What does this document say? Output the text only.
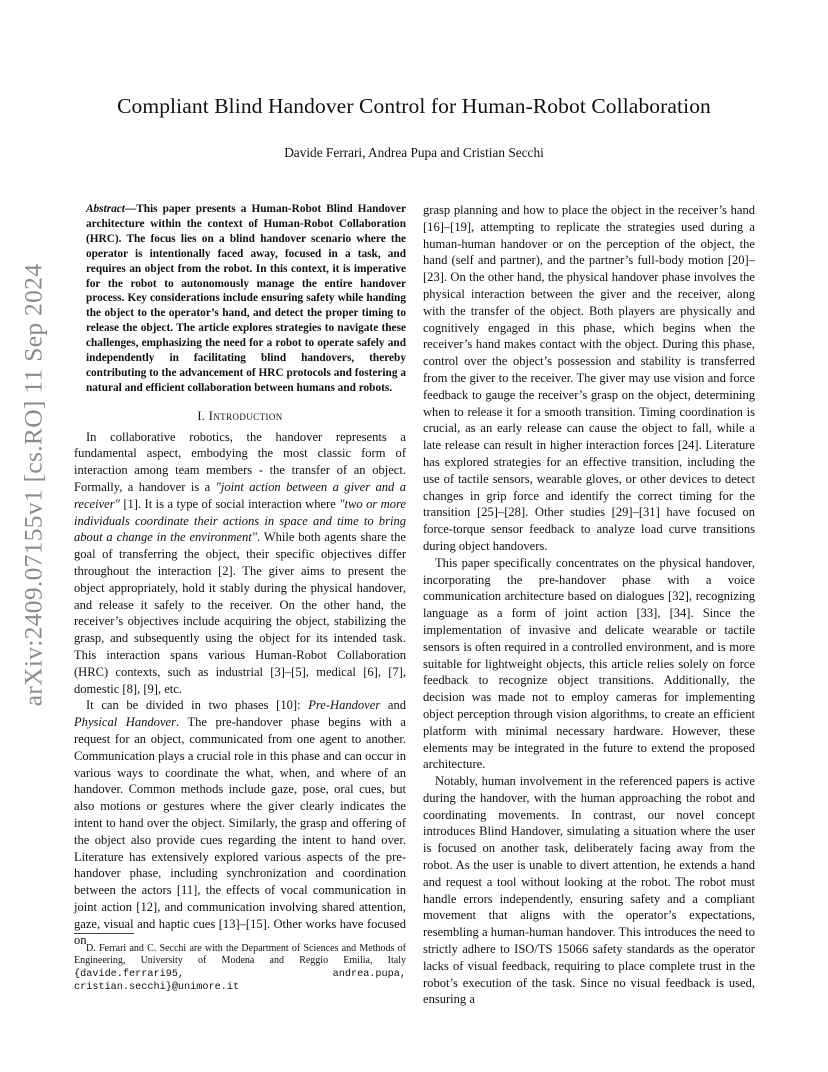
Compliant Blind Handover Control for Human-Robot Collaboration
Davide Ferrari, Andrea Pupa and Cristian Secchi
arXiv:2409.07155v1 [cs.RO] 11 Sep 2024

Abstract—This paper presents a Human-Robot Blind Handover architecture within the context of Human-Robot Collaboration (HRC). The focus lies on a blind handover scenario where the operator is intentionally faced away, focused in a task, and requires an object from the robot. In this context, it is imperative for the robot to autonomously manage the entire handover process. Key considerations include ensuring safety while handing the object to the operator’s hand, and detect the proper timing to release the object. The article explores strategies to navigate these challenges, emphasizing the need for a robot to operate safely and independently in facilitating blind handovers, thereby contributing to the advancement of HRC protocols and fostering a natural and efficient collaboration between humans and robots.

I. Introduction

In collaborative robotics, the handover represents a fundamental aspect, embodying the most classic form of interaction among team members - the transfer of an object. Formally, a handover is a "joint action between a giver and a receiver" [1]. It is a type of social interaction where "two or more individuals coordinate their actions in space and time to bring about a change in the environment". While both agents share the goal of transferring the object, their specific objectives differ throughout the interaction [2]. The giver aims to present the object appropriately, hold it stably during the physical handover, and release it safely to the receiver. On the other hand, the receiver’s objectives include acquiring the object, stabilizing the grasp, and subsequently using the object for its intended task. This interaction spans various Human-Robot Collaboration (HRC) contexts, such as industrial [3]–[5], medical [6], [7], domestic [8], [9], etc.

It can be divided in two phases [10]: Pre-Handover and Physical Handover. The pre-handover phase begins with a request for an object, communicated from one agent to another. Communication plays a crucial role in this phase and can occur in various ways to coordinate the what, when, and where of an handover. Common methods include gaze, pose, oral cues, but also motions or gestures where the giver clearly indicates the intent to hand over the object. Similarly, the grasp and offering of the object also provide cues regarding the intent to hand over. Literature has extensively explored various aspects of the pre-handover phase, including synchronization and coordination between the actors [11], the effects of vocal communication in joint action [12], and communication involving shared attention, gaze, visual and haptic cues [13]–[15]. Other works have focused on

D. Ferrari and C. Secchi are with the Department of Sciences and Methods of Engineering, University of Modena and Reggio Emilia, Italy {davide.ferrari95, andrea.pupa, cristian.secchi}@unimore.it

grasp planning and how to place the object in the receiver’s hand [16]–[19], attempting to replicate the strategies used during a human-human handover or on the perception of the object, the hand (self and partner), and the partner’s full-body motion [20]–[23]. On the other hand, the physical handover phase involves the physical interaction between the giver and the receiver, along with the transfer of the object. Both players are physically and cognitively engaged in this phase, which begins when the receiver’s hand makes contact with the object. During this phase, control over the object’s possession and stability is transferred from the giver to the receiver. The giver may use vision and force feedback to gauge the receiver’s grasp on the object, determining when to release it for a smooth transition. Timing coordination is crucial, as an early release can cause the object to fall, while a late release can result in higher interaction forces [24]. Literature has explored strategies for an effective transition, including the use of tactile sensors, wearable gloves, or other devices to detect changes in grip force and identify the correct timing for the transition [25]–[28]. Other studies [29]–[31] have focused on force-torque sensor feedback to analyze load curve transitions during object handovers.

This paper specifically concentrates on the physical handover, incorporating the pre-handover phase with a voice communication architecture based on dialogues [32], recognizing language as a form of joint action [33], [34]. Since the implementation of invasive and delicate wearable or tactile sensors is often required in a controlled environment, and is more suitable for lightweight objects, this article relies solely on force feedback to recognize object transitions. Additionally, the decision was made not to employ cameras for implementing object perception through vision algorithms, to create an efficient platform with minimal necessary hardware. However, these elements may be integrated in the future to extend the proposed architecture.

Notably, human involvement in the referenced papers is active during the handover, with the human approaching the robot and coordinating movements. In contrast, our novel concept introduces Blind Handover, simulating a situation where the user is focused on another task, deliberately facing away from the robot. As the user is unable to divert attention, he extends a hand and request a tool without looking at the robot. The robot must handle errors independently, ensuring safety and a compliant movement that aligns with the operator’s expectations, resembling a human-human handover. This introduces the need to strictly adhere to ISO/TS 15066 safety standards as the operator lacks of visual feedback, requiring to place complete trust in the robot’s execution of the task. Since no visual feedback is used, ensuring a
